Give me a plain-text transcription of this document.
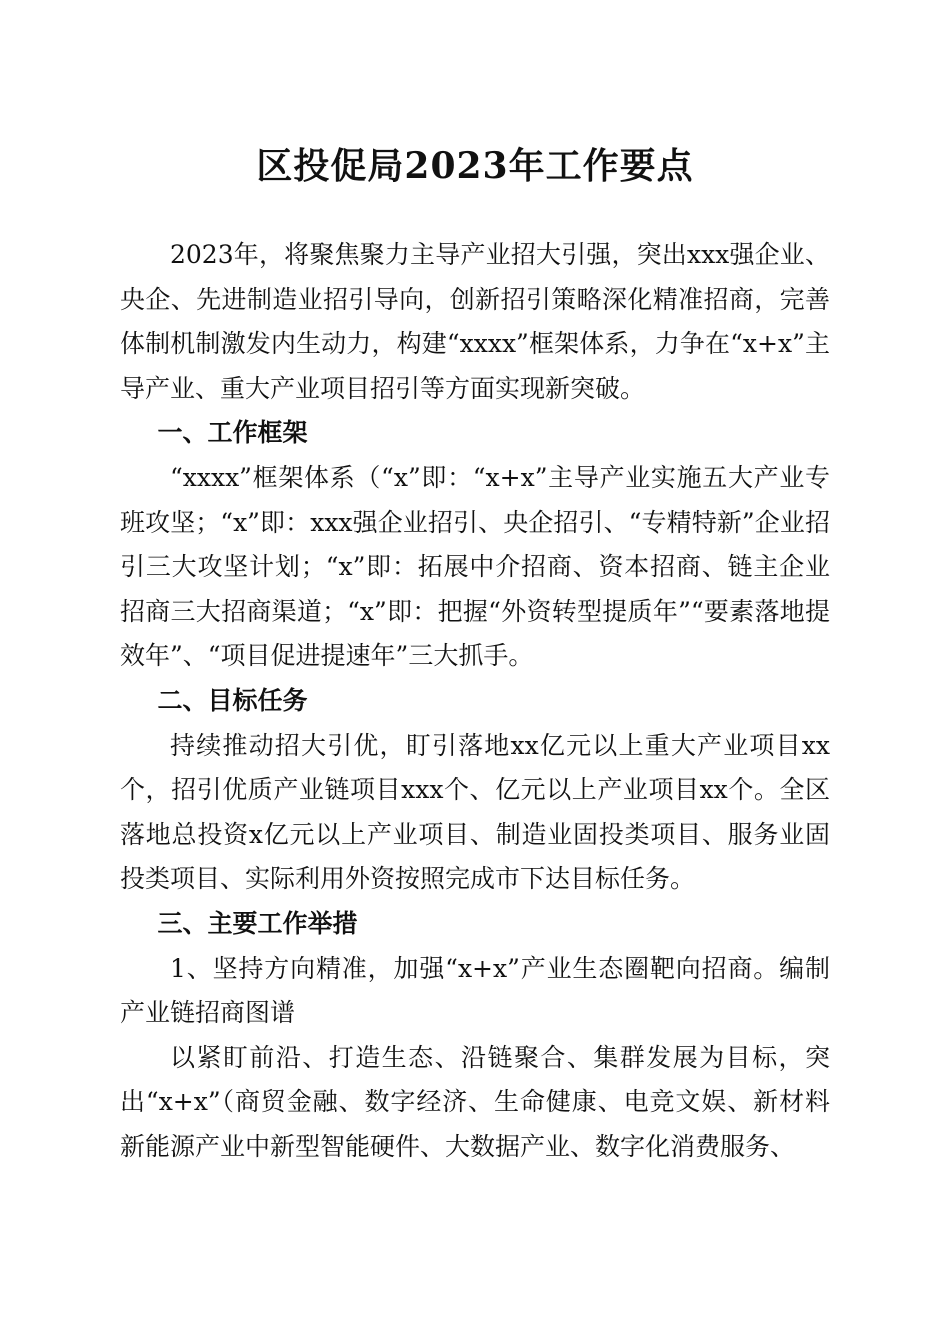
区投促局2023年工作要点

2023年，将聚焦聚力主导产业招大引强，突出xxx强企业、央企、先进制造业招引导向，创新招引策略深化精准招商，完善体制机制激发内生动力，构建“xxxx”框架体系，力争在“x+x”主导产业、重大产业项目招引等方面实现新突破。

一、工作框架

“xxxx”框架体系（“x”即：“x+x”主导产业实施五大产业专班攻坚；“x”即：xxx强企业招引、央企招引、“专精特新”企业招引三大攻坚计划；“x”即：拓展中介招商、资本招商、链主企业招商三大招商渠道；“x”即：把握“外资转型提质年”“要素落地提效年”、“项目促进提速年”三大抓手。

二、目标任务

持续推动招大引优，盯引落地xx亿元以上重大产业项目xx个，招引优质产业链项目xxx个、亿元以上产业项目xx个。全区落地总投资x亿元以上产业项目、制造业固投类项目、服务业固投类项目、实际利用外资按照完成市下达目标任务。

三、主要工作举措

1、坚持方向精准，加强“x+x”产业生态圈靶向招商。编制产业链招商图谱

以紧盯前沿、打造生态、沿链聚合、集群发展为目标，突出“x+x”（商贸金融、数字经济、生命健康、电竞文娱、新材料新能源产业中新型智能硬件、大数据产业、数字化消费服务、
